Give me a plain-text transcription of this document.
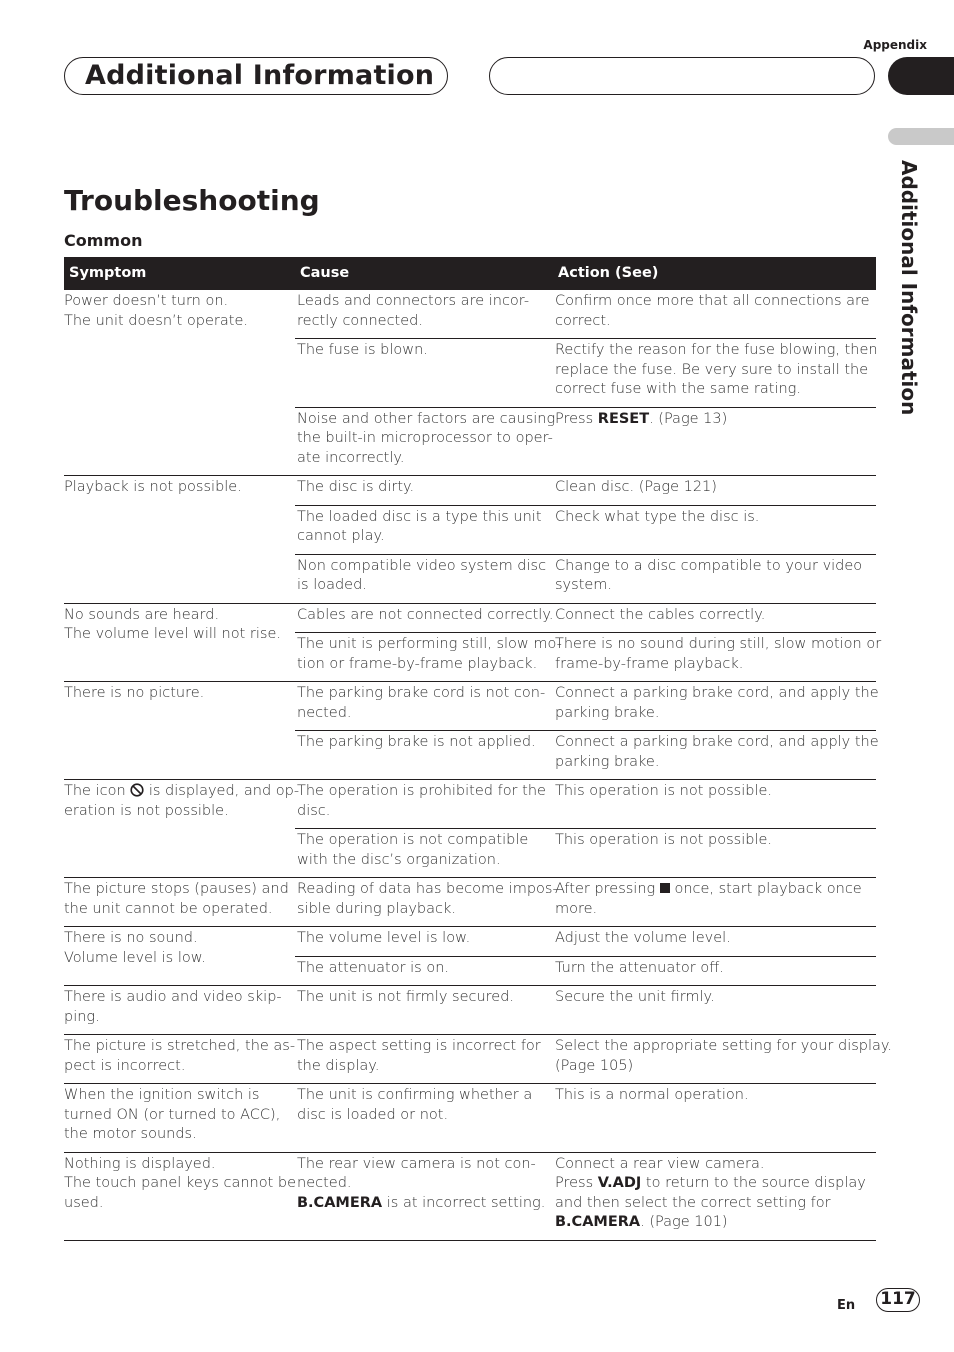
Appendix
Additional Information
Additional Information
Troubleshooting
Common
Symptom	Cause	Action (See)

Power doesn’t turn on.
The unit doesn’t operate.	Leads and connectors are incor-
rectly connected.	Confirm once more that all connections are
correct.

	The fuse is blown.	Rectify the reason for the fuse blowing, then
replace the fuse. Be very sure to install the
correct fuse with the same rating.

	Noise and other factors are causing
the built-in microprocessor to oper-
ate incorrectly.	Press RESET. (Page 13)

Playback is not possible.	The disc is dirty.	Clean disc. (Page 121)

	The loaded disc is a type this unit
cannot play.	Check what type the disc is.

	Non compatible video system disc
is loaded.	Change to a disc compatible to your video
system.

No sounds are heard.
The volume level will not rise.	Cables are not connected correctly.	Connect the cables correctly.

	The unit is performing still, slow mo-
tion or frame-by-frame playback.	There is no sound during still, slow motion or
frame-by-frame playback.

There is no picture.	The parking brake cord is not con-
nected.	Connect a parking brake cord, and apply the
parking brake.

	The parking brake is not applied.	Connect a parking brake cord, and apply the
parking brake.

The icon  is displayed, and op-
eration is not possible.	The operation is prohibited for the
disc.	This operation is not possible.

	The operation is not compatible
with the disc’s organization.	This operation is not possible.

The picture stops (pauses) and
the unit cannot be operated.	Reading of data has become impos-
sible during playback.	After pressing  once, start playback once
more.

There is no sound.
Volume level is low.	The volume level is low.	Adjust the volume level.

	The attenuator is on.	Turn the attenuator off.

There is audio and video skip-
ping.	The unit is not firmly secured.	Secure the unit firmly.

The picture is stretched, the as-
pect is incorrect.	The aspect setting is incorrect for
the display.	Select the appropriate setting for your display.
(Page 105)

When the ignition switch is
turned ON (or turned to ACC),
the motor sounds.	The unit is confirming whether a
disc is loaded or not.	This is a normal operation.

Nothing is displayed.
The touch panel keys cannot be
used.	The rear view camera is not con-
nected.
B.CAMERA is at incorrect setting.	Connect a rear view camera.
Press V.ADJ to return to the source display
and then select the correct setting for
B.CAMERA. (Page 101)
En 117
